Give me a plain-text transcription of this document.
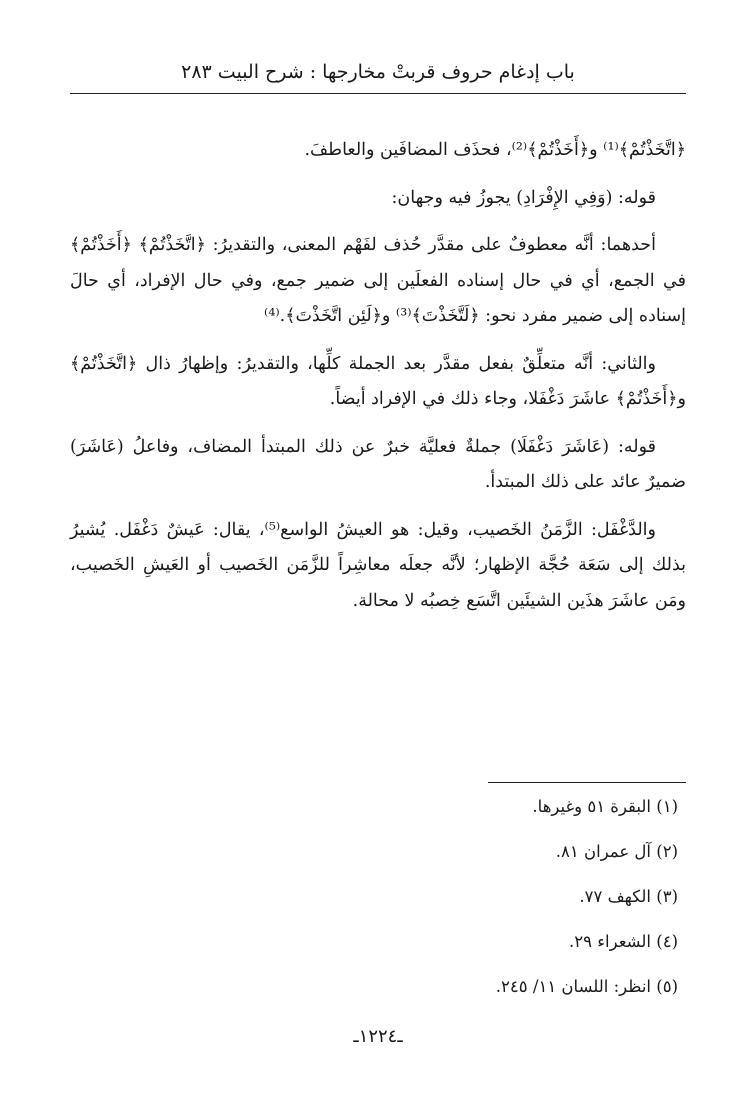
باب إدغام حروف قربتْ مخارجها : شرح البيت ٢٨٣

﴿اتَّخَذْتُمْ﴾⁽¹⁾ و﴿أَخَذْتُمْ﴾⁽²⁾، فحذَف المضافَين والعاطفَ.

قوله: (وَفِي الإِفْرَادِ) يجوزُ فيه وجهان:

أحدهما: أنَّه معطوفٌ على مقدَّر حُذف لفَهْم المعنى، والتقديرُ: ﴿اتَّخَذْتُمْ﴾ ﴿أَخَذْتُمْ﴾ في الجمع، أي في حال إسناده الفعلَين إلى ضمير جمع، وفي حال الإفراد، أي حالَ إسناده إلى ضمير مفرد نحو: ﴿لَتَّخَذْتَ﴾⁽³⁾ و﴿لَئِن اتَّخَذْتَ﴾.⁽⁴⁾

والثاني: أنَّه متعلِّقٌ بفعل مقدَّر بعد الجملة كلِّها، والتقديرُ: وإظهارُ ذال ﴿اتَّخَذْتُمْ﴾ و﴿أَخَذْتُمْ﴾ عاشَرَ دَغْفَلا، وجاء ذلك في الإفراد أيضاً.

قوله: (عَاشَرَ دَغْفَلَا) جملةٌ فعليَّة خبرٌ عن ذلك المبتدأ المضاف، وفاعلُ (عَاشَرَ) ضميرٌ عائد على ذلك المبتدأ.

والدَّغْفَل: الزَّمَنُ الخَصيب، وقيل: هو العيشُ الواسع⁽⁵⁾، يقال: عَيشٌ دَغْفَل. يُشيرُ بذلك إلى سَعَة حُجَّة الإظهار؛ لأنَّه جعلَه معاشِراً للزَّمَن الخَصيب أو العَيشِ الخَصيب، ومَن عاشَرَ هذَين الشيئَين اتَّسَع خِصبُه لا محالة.

(١) البقرة ٥١ وغيرها.
(٢) آل عمران ٨١.
(٣) الكهف ٧٧.
(٤) الشعراء ٢٩.
(٥) انظر: اللسان ١١/ ٢٤٥.
ـ١٢٢٤ـ
